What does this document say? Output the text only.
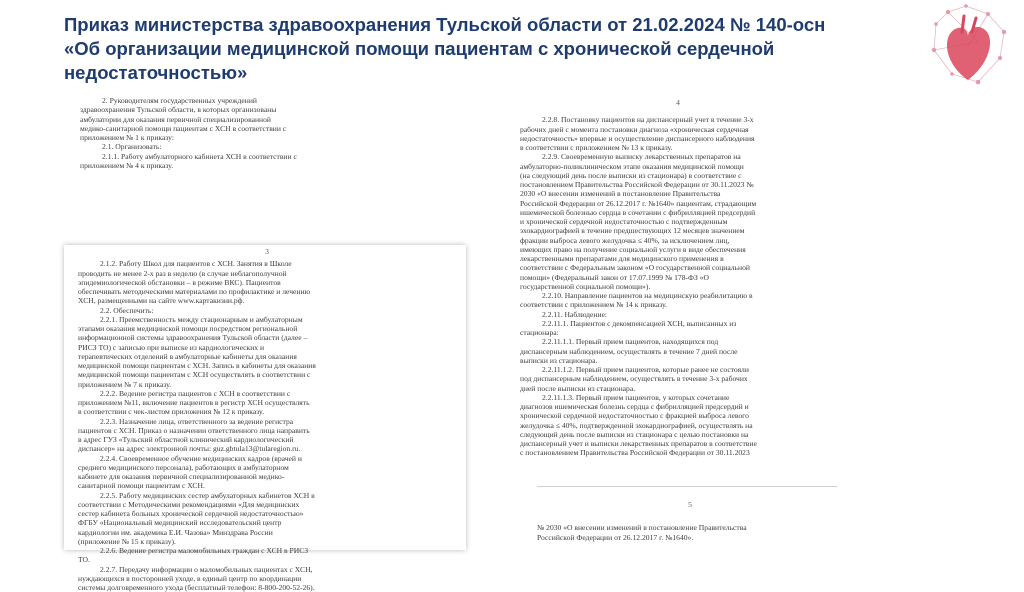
Приказ министерства здравоохранения Тульской области от 21.02.2024 № 140-осн
«Об организации медицинской помощи пациентам с хронической сердечной
недостаточностью»

2. Руководителям государственных учреждений

здравоохранения Тульской области, в которых организованы

амбулатории для оказания первичной специализированной

медико-санитарной помощи пациентам с ХСН в соответствии с

приложением № 1 к приказу:

2.1. Организовать:

2.1.1. Работу амбулаторного кабинета ХСН в соответствии с

приложением № 4 к приказу.

3

2.1.2. Работу Школ для пациентов с ХСН. Занятия в Школе

проводить не менее 2-х раз в неделю (в случае неблагополучной

эпидемиологической обстановки – в режиме ВКС). Пациентов

обеспечивать методическими материалами по профилактике и лечению

ХСН, размещенными на сайте www.картакизни.рф.

2.2. Обеспечить:

2.2.1. Преемственность между стационарным и амбулаторным

этапами оказания медицинской помощи посредством региональной

информационной системы здравоохранения Тульской области (далее –

РИСЗ ТО) с записью при выписке из кардиологических и

терапевтических отделений в амбулаторные кабинеты для оказания

медицинской помощи пациентам с ХСН. Запись в кабинеты для оказания

медицинской помощи пациентам с ХСН осуществлять в соответствии с

приложением № 7 к приказу.

2.2.2. Ведение регистра пациентов с ХСН в соответствии с

приложением №11, включение пациентов в регистр ХСН осуществлять

в соответствии с чек-листом приложения № 12 к приказу.

2.2.3. Назначение лица, ответственного за ведение регистра

пациентов с ХСН. Приказ о назначении ответственного лица направить

в адрес ГУЗ «Тульский областной клинический кардиологический

диспансер» на адрес электронной почты: guz.gbtula13@tularegion.ru.

2.2.4. Своевременное обучение медицинских кадров (врачей и

среднего медицинского персонала), работающих в амбулаторном

кабинете для оказания первичной специализированной медико-

санитарной помощи пациентам с ХСН.

2.2.5. Работу медицинских сестер амбулаторных кабинетов ХСН в

соответствии с Методическими рекомендациями «Для медицинских

сестер кабинета больных хронической сердечной недостаточностью»

ФГБУ «Национальный медицинский исследовательский центр

кардиологии им. академика Е.И. Чазова» Минздрава России

(приложение № 15 к приказу).

2.2.6. Ведение регистра маломобильных граждан с ХСН в РИСЗ

ТО.

2.2.7. Передачу информации о маломобильных пациентах с ХСН,

нуждающихся в посторонней уходе, в единый центр по координации

системы долговременного ухода (бесплатный телефон: 8-800-200-52-26).

4

2.2.8. Постановку пациентов на диспансерный учет в течение 3-х

рабочих дней с момента постановки диагноза «хроническая сердечная

недостаточность» впервые и осуществление диспансерного наблюдения

в соответствии с приложением № 13 к приказу.

2.2.9. Своевременную выписку лекарственных препаратов на

амбулаторно-поликлиническом этапе оказания медицинской помощи

(на следующий день после выписки из стационара) в соответствие с

постановлением Правительства Российской Федерации от 30.11.2023 №

2030 «О внесении изменений в постановление Правительства

Российской Федерации от 26.12.2017 г. №1640» пациентам, страдающим

ишемической болезнью сердца в сочетании с фибрилляцией предсердий

и хронической сердечной недостаточностью с подтвержденным

эхокардиографией в течение предшествующих 12 месяцев значением

фракции выброса левого желудочка ≤ 40%, за исключением лиц,

имеющих право на получение социальной услуги в виде обеспечения

лекарственными препаратами для медицинского применения в

соответствии с Федеральным законом «О государственной социальной

помощи» (Федеральный закон от 17.07.1999 № 178-ФЗ «О

государственной социальной помощи»).

2.2.10. Направление пациентов на медицинскую реабилитацию в

соответствии с приложением № 14 к приказу.

2.2.11. Наблюдение:

2.2.11.1. Пациентов с декомпенсацией ХСН, выписанных из

стационара:

2.2.11.1.1. Первый прием пациентов, находящихся под

диспансерным наблюдением, осуществлять в течение 7 дней после

выписки из стационара.

2.2.11.1.2. Первый прием пациентов, которые ранее не состояли

под диспансерным наблюдением, осуществлять в течение 3-х рабочих

дней после выписки из стационара.

2.2.11.1.3. Первый прием пациентов, у которых сочетание

диагнозов ишемическая болезнь сердца с фибрилляцией предсердий и

хронической сердечной недостаточностью с фракцией выброса левого

желудочка ≤ 40%, подтвержденной эхокардиографией, осуществлять на

следующий день после выписки из стационара с целью постановки на

диспансерный учет и выписки лекарственных препаратов в соответствие

с постановлением Правительства Российской Федерации от 30.11.2023

5

№ 2030 «О внесении изменений в постановление Правительства

Российской Федерации от 26.12.2017 г. №1640».
